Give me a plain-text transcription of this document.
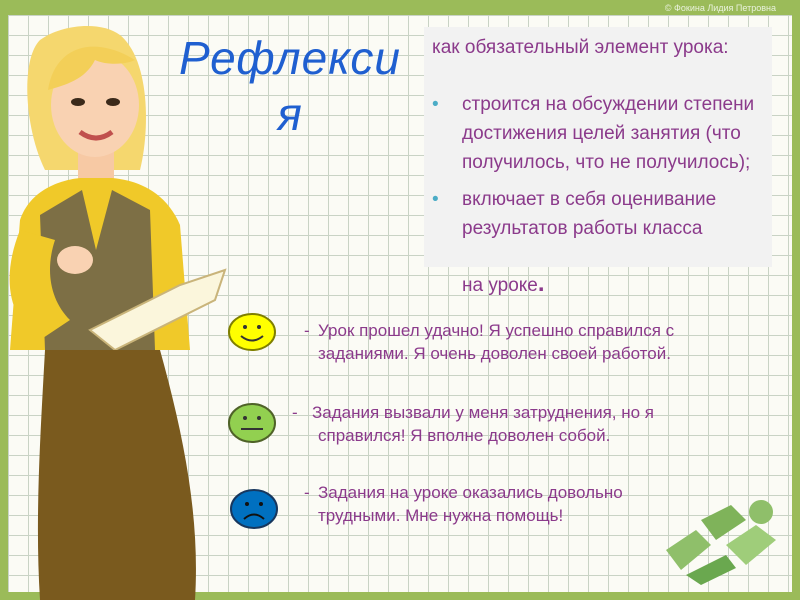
© Фокина Лидия Петровна
Рефлекси
я

как обязательный элемент урока:

• строится на обсуждении степени достижения целей занятия (что получилось, что не получилось);
• включает в себя оценивание результатов работы класса
на уроке.
- Урок прошел удачно! Я успешно справился с
заданиями. Я очень доволен своей работой.
- Задания вызвали у меня затруднения, но я
справился! Я вполне доволен собой.
- Задания на уроке оказались довольно
трудными. Мне нужна помощь!
